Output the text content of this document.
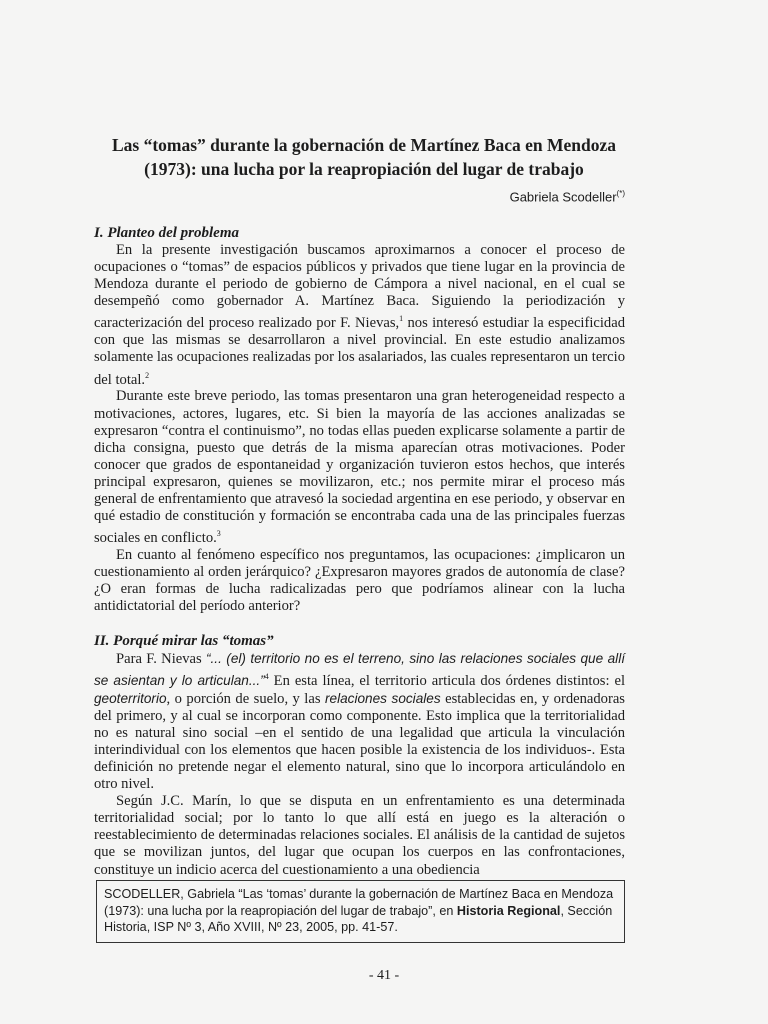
Las “tomas” durante la gobernación de Martínez Baca en Mendoza
(1973): una lucha por la reapropiación del lugar de trabajo
Gabriela Scodeller(*)
I. Planteo del problema

En la presente investigación buscamos aproximarnos a conocer el proceso de ocupaciones o “tomas” de espacios públicos y privados que tiene lugar en la provincia de Mendoza durante el periodo de gobierno de Cámpora a nivel nacional, en el cual se desempeñó como gobernador A. Martínez Baca. Siguiendo la periodización y caracterización del proceso realizado por F. Nievas,$^1$ nos interesó estudiar la especificidad con que las mismas se desarrollaron a nivel provincial. En este estudio analizamos solamente las ocupaciones realizadas por los asalariados, las cuales representaron un tercio del total.$^2$

Durante este breve periodo, las tomas presentaron una gran heterogeneidad respecto a motivaciones, actores, lugares, etc. Si bien la mayoría de las acciones analizadas se expresaron “contra el continuismo”, no todas ellas pueden explicarse solamente a partir de dicha consigna, puesto que detrás de la misma aparecían otras motivaciones. Poder conocer que grados de espontaneidad y organización tuvieron estos hechos, que interés principal expresaron, quienes se movilizaron, etc.; nos permite mirar el proceso más general de enfrentamiento que atravesó la sociedad argentina en ese periodo, y observar en qué estadio de constitución y formación se encontraba cada una de las principales fuerzas sociales en conflicto.$^3$

En cuanto al fenómeno específico nos preguntamos, las ocupaciones: ¿implicaron un cuestionamiento al orden jerárquico? ¿Expresaron mayores grados de autonomía de clase? ¿O eran formas de lucha radicalizadas pero que podríamos alinear con la lucha antidictatorial del período anterior?

II. Porqué mirar las “tomas”

Para F. Nievas “... (el) territorio no es el terreno, sino las relaciones sociales que allí se asientan y lo articulan...”$^4$ En esta línea, el territorio articula dos órdenes distintos: el geoterritorio, o porción de suelo, y las relaciones sociales establecidas en, y ordenadoras del primero, y al cual se incorporan como componente. Esto implica que la territorialidad no es natural sino social –en el sentido de una legalidad que articula la vinculación interindividual con los elementos que hacen posible la existencia de los individuos-. Esta definición no pretende negar el elemento natural, sino que lo incorpora articulándolo en otro nivel.

Según J.C. Marín, lo que se disputa en un enfrentamiento es una determinada territorialidad social; por lo tanto lo que allí está en juego es la alteración o reestablecimiento de determinadas relaciones sociales. El análisis de la cantidad de sujetos que se movilizan juntos, del lugar que ocupan los cuerpos en las confrontaciones, constituye un indicio acerca del cuestionamiento a una obediencia

SCODELLER, Gabriela “Las ‘tomas’ durante la gobernación de Martínez Baca en Mendoza (1973): una lucha por la reapropiación del lugar de trabajo”, en Historia Regional, Sección Historia, ISP Nº 3, Año XVIII, Nº 23, 2005, pp. 41-57.
- 41 -
